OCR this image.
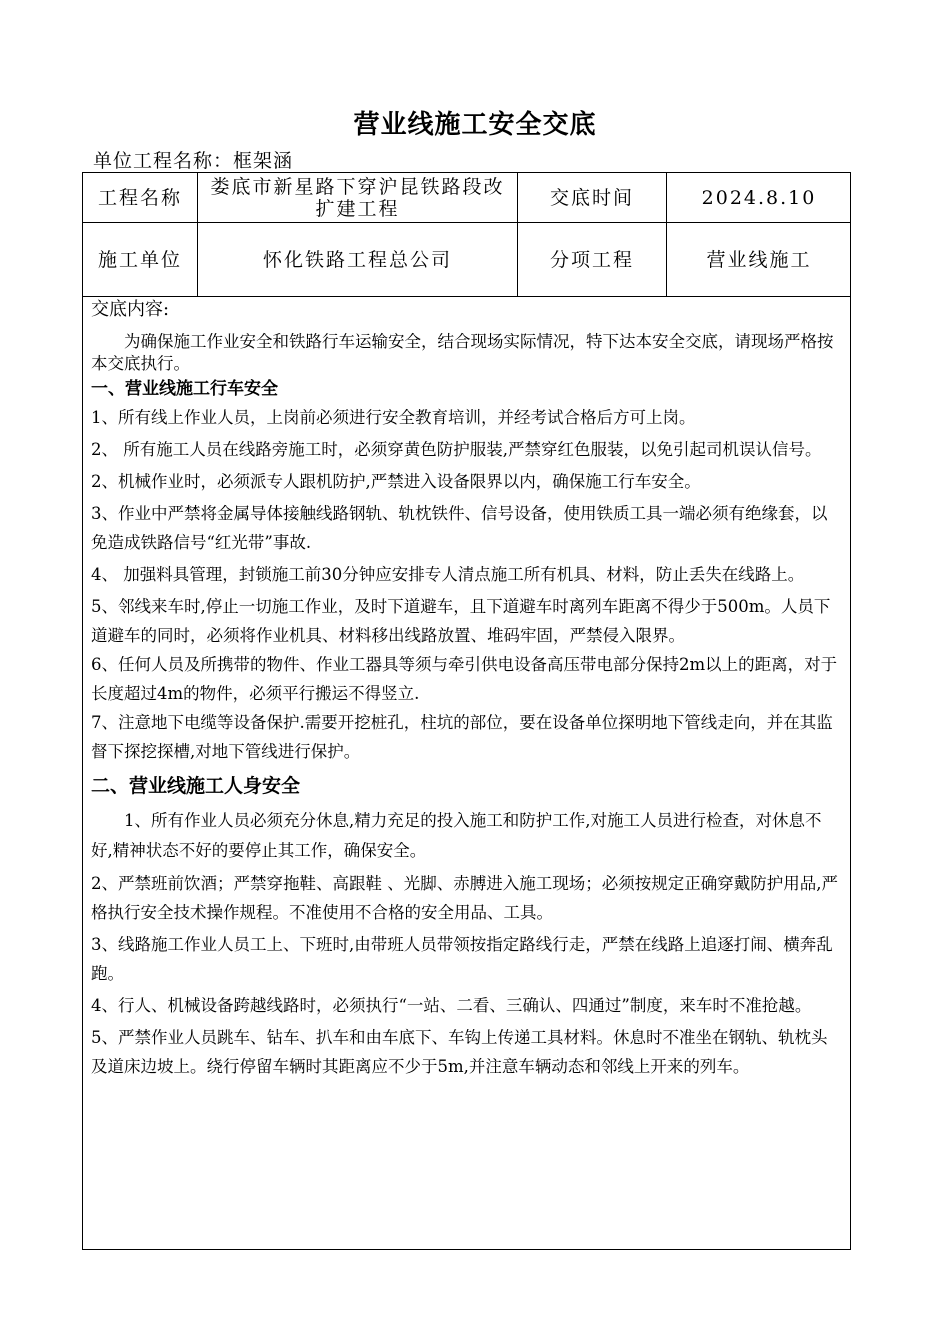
营业线施工安全交底
单位工程名称：框架涵
工程名称	娄底市新星路下穿沪昆铁路段改扩建工程	交底时间	2024.8.10
施工单位	怀化铁路工程总公司	分项工程	营业线施工

交底内容:

为确保施工作业安全和铁路行车运输安全，结合现场实际情况，特下达本安全交底，请现场严格按本交底执行。

一、营业线施工行车安全

1、所有线上作业人员，上岗前必须进行安全教育培训，并经考试合格后方可上岗。

2、 所有施工人员在线路旁施工时，必须穿黄色防护服装,严禁穿红色服装，以免引起司机误认信号。

2、机械作业时，必须派专人跟机防护,严禁进入设备限界以内，确保施工行车安全。

3、作业中严禁将金属导体接触线路钢轨、轨枕铁件、信号设备，使用铁质工具一端必须有绝缘套，以免造成铁路信号“红光带”事故.

4、 加强料具管理，封锁施工前30分钟应安排专人清点施工所有机具、材料，防止丢失在线路上。

5、邻线来车时,停止一切施工作业，及时下道避车，且下道避车时离列车距离不得少于500m。人员下道避车的同时，必须将作业机具、材料移出线路放置、堆码牢固，严禁侵入限界。

6、任何人员及所携带的物件、作业工器具等须与牵引供电设备高压带电部分保持2m以上的距离，对于长度超过4m的物件，必须平行搬运不得竖立.

7、注意地下电缆等设备保护.需要开挖桩孔，柱坑的部位，要在设备单位探明地下管线走向，并在其监督下探挖探槽,对地下管线进行保护。

二、营业线施工人身安全

1、所有作业人员必须充分休息,精力充足的投入施工和防护工作,对施工人员进行检查，对休息不好,精神状态不好的要停止其工作，确保安全。

2、严禁班前饮酒；严禁穿拖鞋、高跟鞋 、光脚、赤膊进入施工现场；必须按规定正确穿戴防护用品,严格执行安全技术操作规程。不准使用不合格的安全用品、工具。

3、线路施工作业人员工上、下班时,由带班人员带领按指定路线行走，严禁在线路上追逐打闹、横奔乱跑。

4、行人、机械设备跨越线路时，必须执行“一站、二看、三确认、四通过”制度，来车时不准抢越。

5、严禁作业人员跳车、钻车、扒车和由车底下、车钩上传递工具材料。休息时不准坐在钢轨、轨枕头及道床边坡上。绕行停留车辆时其距离应不少于5m,并注意车辆动态和邻线上开来的列车。
